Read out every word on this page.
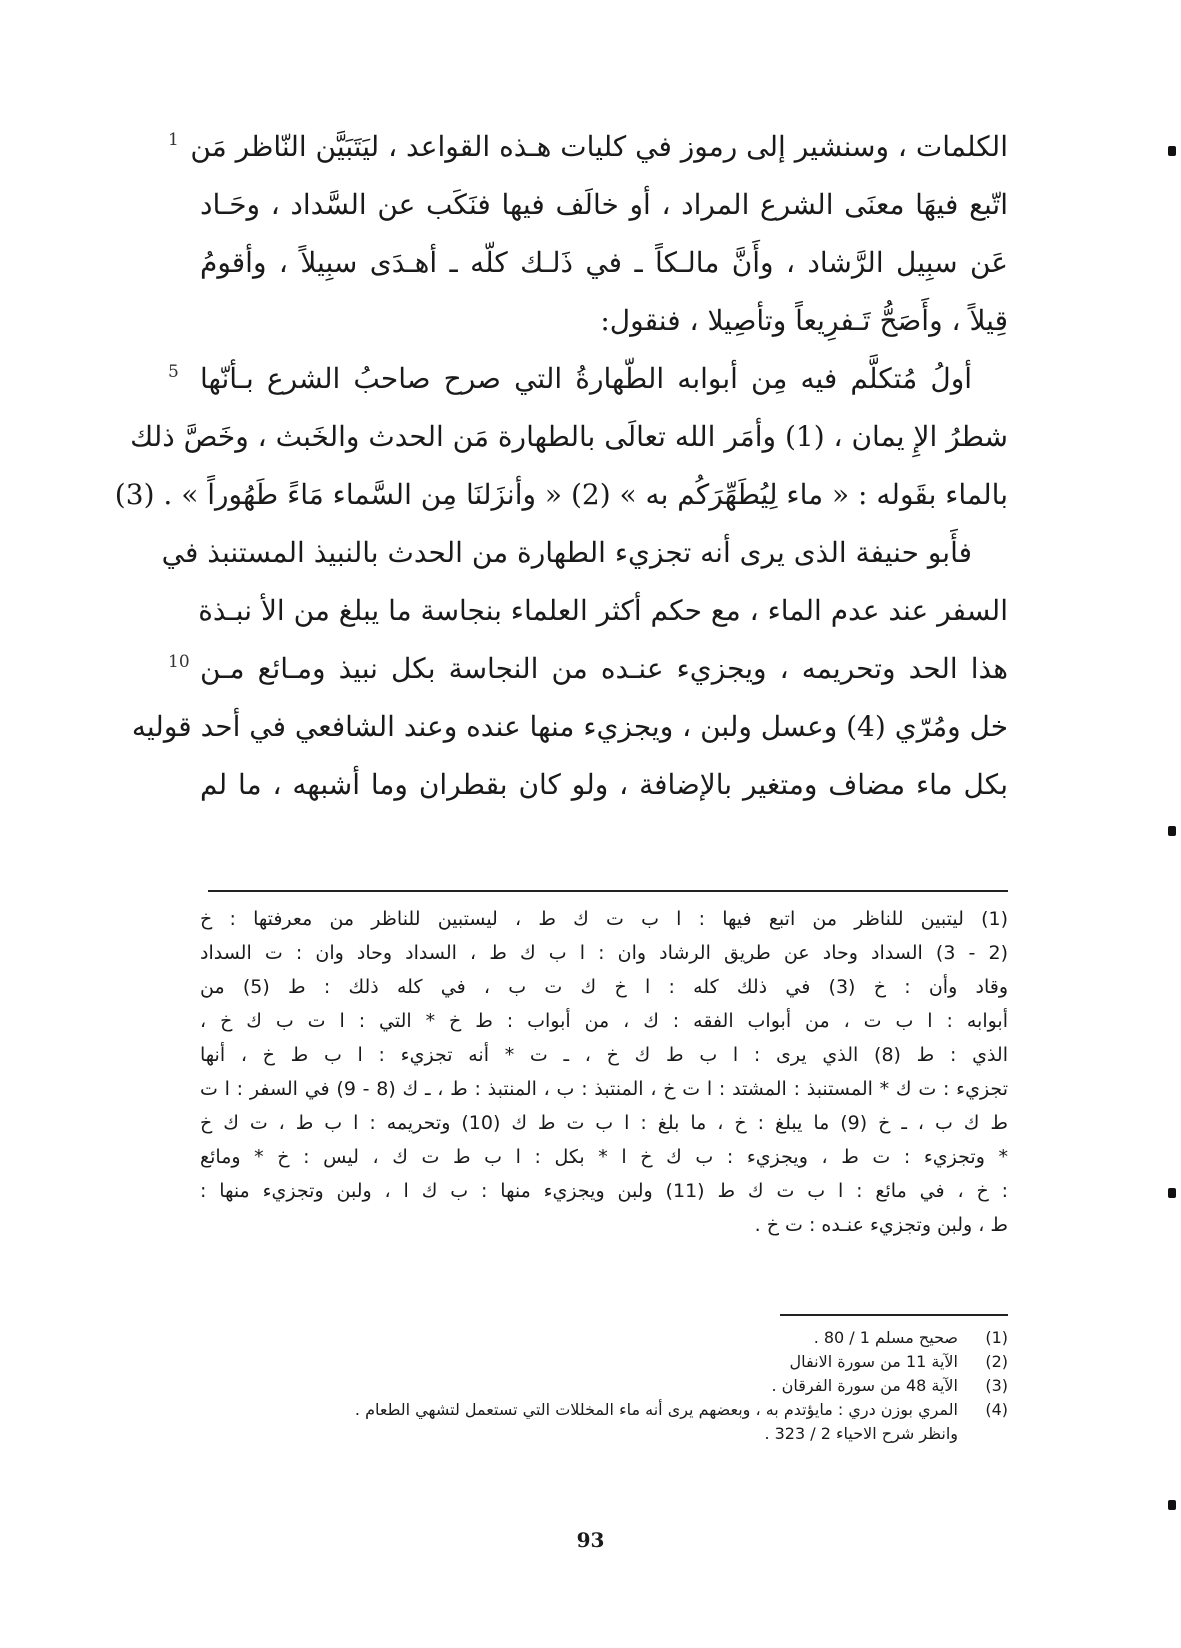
الكلمات ، وسنشير إلى رموز في كليات هـذه القواعد ، ليَتَبَيَّن النّاظر مَن
اتّبع فيهَا معنَى الشرع المراد ، أو خالَف فيها فنَكَب عن السَّداد ، وحَـاد
عَن سبِيل الرَّشاد ، وأَنَّ مالـكاً ـ في ذَلـك كلّه ـ أهـدَى سبِيلاً ، وأقومُ
قِيلاً ، وأَصَحُّ تَـفرِيعاً وتأصِيلا ، فنقول:
أولُ مُتكلَّم فيه مِن أبوابه الطّهارةُ التي صرح صاحبُ الشرع بـأنّها
شطرُ الإِ يمان ، (1) وأمَر الله تعالَى بالطهارة مَن الحدث والخَبث ، وخَصَّ ذلك
بالماء بقَوله : « ماء لِيُطَهِّرَكُم به » (2) « وأنزَلنَا مِن السَّماء مَاءً طَهُوراً » . (3)
فأَبو حنيفة الذى يرى أنه تجزيء الطهارة من الحدث بالنبيذ المستنبذ في
السفر عند عدم الماء ، مع حكم أكثر العلماء بنجاسة ما يبلغ من الأ نبـذة
هذا الحد وتحريمه ، ويجزيء عنـده من النجاسة بكل نبيذ ومـائع مـن
خل ومُرّي (4) وعسل ولبن ، ويجزيء منها عنده وعند الشافعي في أحد قوليه
بكل ماء مضاف ومتغير بالإضافة ، ولو كان بقطران وما أشبهه ، ما لم
1
5
10
(1) ليتبين للناظر من اتبع فيها : ا ب ت ك ط ، ليستبين للناظر من معرفتها : خ
(2 - 3) السداد وحاد عن طريق الرشاد وان : ا ب ك ط ، السداد وحاد وان : ت السداد
وقاد وأن : خ (3) في ذلك كله : ا خ ك ت ب ، في كله ذلك : ط (5) من
أبوابه : ا ب ت ، من أبواب الفقه : ك ، من أبواب : ط خ * التي : ا ت ب ك خ ،
الذي : ط (8) الذي يرى : ا ب ط ك خ ، ـ ت * أنه تجزيء : ا ب ط خ ، أنها
تجزيء : ت ك * المستنبذ : المشتد : ا ت خ ، المنتبذ : ب ، المنتبذ : ط ، ـ ك (8 - 9) في السفر : ا ت
ط ك ب ، ـ خ (9) ما يبلغ : خ ، ما بلغ : ا ب ت ط ك (10) وتحريمه : ا ب ط ، ت ك خ
* وتجزيء : ت ط ، ويجزيء : ب ك خ ا * بكل : ا ب ط ت ك ، ليس : خ * ومائع
: خ ، في مائع : ا ب ت ك ط (11) ولبن ويجزيء منها : ب ك ا ، ولبن وتجزيء منها :
ط ، ولبن وتجزيء عنـده : ت خ .
(1)
صحيح مسلم 1 / 80 .
(2)
الآية 11 من سورة الانفال
(3)
الآية 48 من سورة الفرقان .
(4)
المري بوزن دري : مايؤتدم به ، وبعضهم يرى أنه ماء المخللات التي تستعمل لتشهي الطعام .
وانظر شرح الاحياء 2 / 323 .
93
